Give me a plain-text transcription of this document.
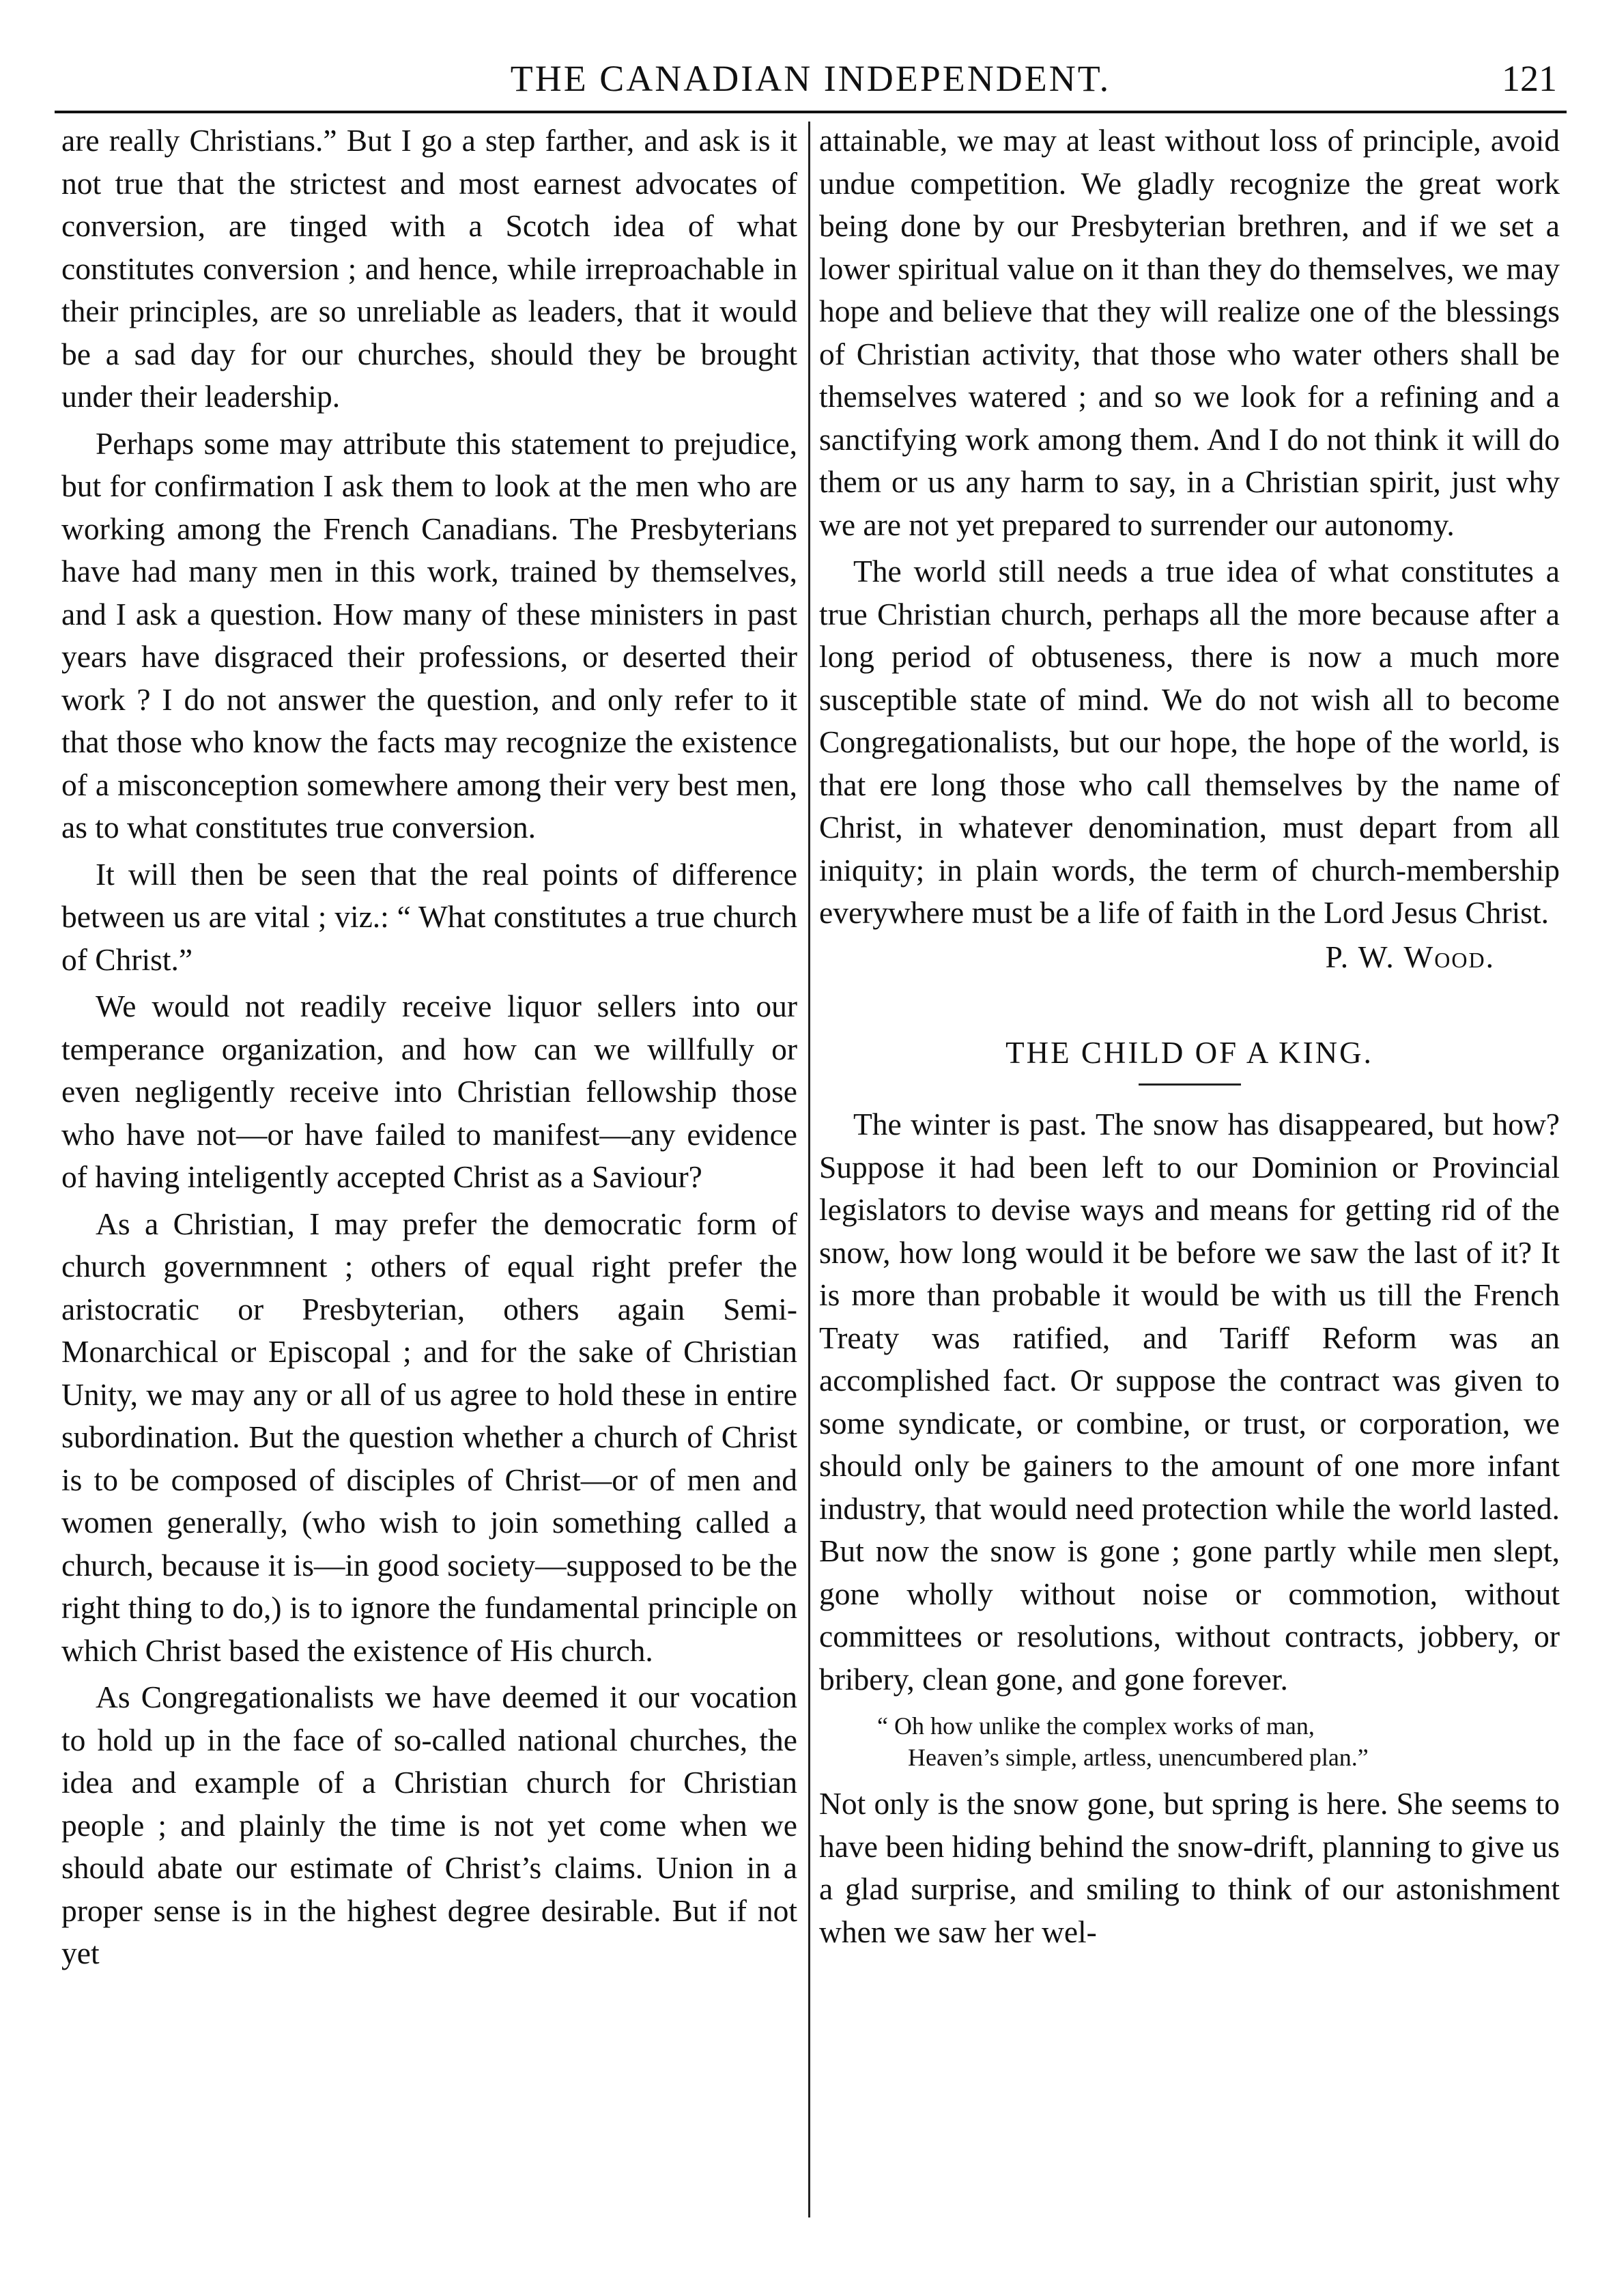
THE CANADIAN INDEPENDENT.	121

are really Christians.” But I go a step farther, and ask is it not true that the strictest and most earnest advocates of conversion, are tinged with a Scotch idea of what constitutes conversion ; and hence, while irreproachable in their principles, are so unreliable as leaders, that it would be a sad day for our churches, should they be brought under their leadership.

Perhaps some may attribute this statement to prejudice, but for confirmation I ask them to look at the men who are working among the French Canadians. The Presbyterians have had many men in this work, trained by themselves, and I ask a question. How many of these ministers in past years have disgraced their professions, or deserted their work ? I do not answer the question, and only refer to it that those who know the facts may recognize the existence of a misconception somewhere among their very best men, as to what constitutes true conversion.

It will then be seen that the real points of difference between us are vital ; viz.: “ What constitutes a true church of Christ.”

We would not readily receive liquor sellers into our temperance organization, and how can we willfully or even negligently receive into Christian fellowship those who have not—or have failed to manifest—any evidence of having inteligently accepted Christ as a Saviour?

As a Christian, I may prefer the democratic form of church governmnent ; others of equal right prefer the aristocratic or Presbyterian, others again Semi-Monarchical or Episcopal ; and for the sake of Christian Unity, we may any or all of us agree to hold these in entire subordination. But the question whether a church of Christ is to be composed of disciples of Christ—or of men and women generally, (who wish to join something called a church, because it is—in good society—supposed to be the right thing to do,) is to ignore the fundamental principle on which Christ based the existence of His church.

As Congregationalists we have deemed it our vocation to hold up in the face of so-called national churches, the idea and example of a Christian church for Christian people ; and plainly the time is not yet come when we should abate our estimate of Christ’s claims. Union in a proper sense is in the highest degree desirable. But if not yet

attainable, we may at least without loss of principle, avoid undue competition. We gladly recognize the great work being done by our Presbyterian brethren, and if we set a lower spiritual value on it than they do themselves, we may hope and believe that they will realize one of the blessings of Christian activity, that those who water others shall be themselves watered ; and so we look for a refining and a sanctifying work among them. And I do not think it will do them or us any harm to say, in a Christian spirit, just why we are not yet prepared to surrender our autonomy.

The world still needs a true idea of what constitutes a true Christian church, perhaps all the more because after a long period of obtuseness, there is now a much more susceptible state of mind. We do not wish all to become Congregationalists, but our hope, the hope of the world, is that ere long those who call themselves by the name of Christ, in whatever denomination, must depart from all iniquity; in plain words, the term of church-membership everywhere must be a life of faith in the Lord Jesus Christ.

P. W. Wood.
THE CHILD OF A KING.

The winter is past. The snow has disappeared, but how? Suppose it had been left to our Dominion or Provincial legislators to devise ways and means for getting rid of the snow, how long would it be before we saw the last of it? It is more than probable it would be with us till the French Treaty was ratified, and Tariff Reform was an accomplished fact. Or suppose the contract was given to some syndicate, or combine, or trust, or corporation, we should only be gainers to the amount of one more infant industry, that would need protection while the world lasted. But now the snow is gone ; gone partly while men slept, gone wholly without noise or commotion, without committees or resolutions, without contracts, jobbery, or bribery, clean gone, and gone forever.

“ Oh how unlike the complex works of man,
Heaven’s simple, artless, unencumbered plan.”

Not only is the snow gone, but spring is here. She seems to have been hiding behind the snow-drift, planning to give us a glad surprise, and smiling to think of our astonishment when we saw her wel-
